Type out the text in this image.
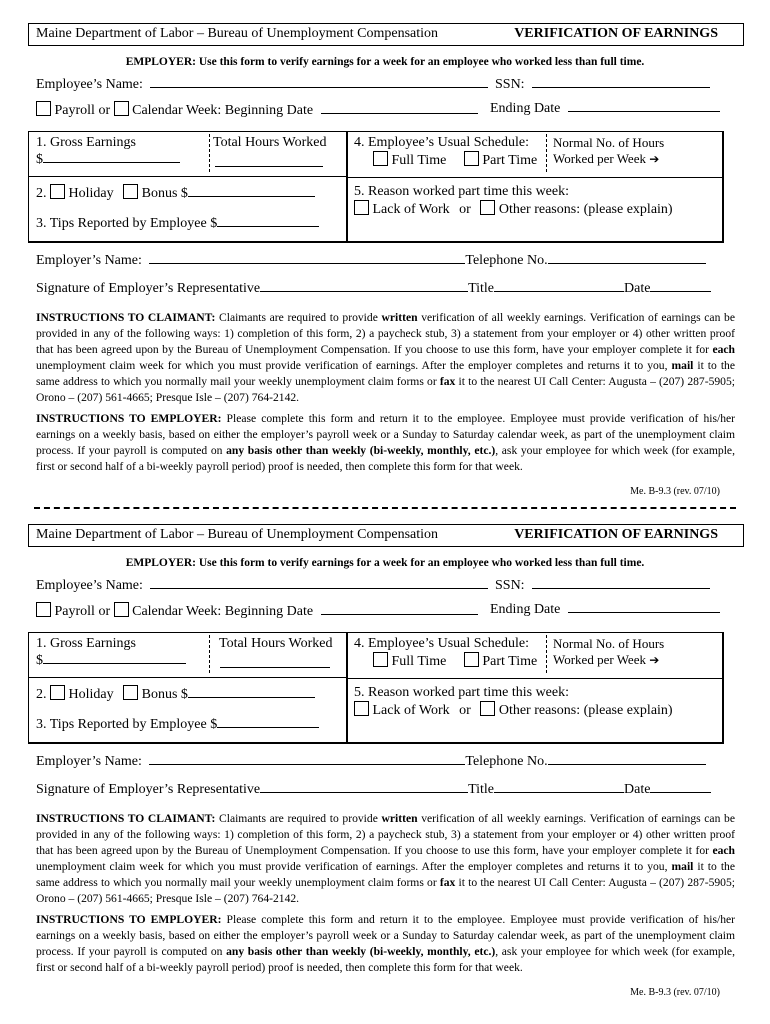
Maine Department of Labor – Bureau of Unemployment Compensation	VERIFICATION OF EARNINGS
EMPLOYER: Use this form to verify earnings for a week for an employee who worked less than full time.
Employee’s Name:	SSN:
Payroll or Calendar Week: Beginning Date	Ending Date
1. Gross Earnings
$
Total Hours Worked
2. Holiday Bonus $
3. Tips Reported by Employee $
4. Employee’s Usual Schedule:
Full Time	Part Time
Normal No. of Hours
Worked per Week ➔
5. Reason worked part time this week:
Lack of Work or Other reasons: (please explain)
Employer’s Name:	Telephone No.
Signature of Employer’s Representative	Title	Date
INSTRUCTIONS TO CLAIMANT: Claimants are required to provide written verification of all weekly earnings. Verification of earnings can be provided in any of the following ways: 1) completion of this form, 2) a paycheck stub, 3) a statement from your employer or 4) other written proof that has been agreed upon by the Bureau of Unemployment Compensation. If you choose to use this form, have your employer complete it for each unemployment claim week for which you must provide verification of earnings. After the employer completes and returns it to you, mail it to the same address to which you normally mail your weekly unemployment claim forms or fax it to the nearest UI Call Center: Augusta – (207) 287-5905; Orono – (207) 561-4665; Presque Isle – (207) 764-2142.
INSTRUCTIONS TO EMPLOYER: Please complete this form and return it to the employee. Employee must provide verification of his/her earnings on a weekly basis, based on either the employer’s payroll week or a Sunday to Saturday calendar week, as part of the unemployment claim process. If your payroll is computed on any basis other than weekly (bi-weekly, monthly, etc.), ask your employee for which week (for example, first or second half of a bi-weekly payroll period) proof is needed, then complete this form for that week.
Me. B-9.3 (rev. 07/10)
Maine Department of Labor – Bureau of Unemployment Compensation	VERIFICATION OF EARNINGS
EMPLOYER: Use this form to verify earnings for a week for an employee who worked less than full time.
Employee’s Name:	SSN:
Payroll or Calendar Week: Beginning Date	Ending Date
1. Gross Earnings
$
Total Hours Worked
2. Holiday Bonus $
3. Tips Reported by Employee $
4. Employee’s Usual Schedule:
Full Time	Part Time
Normal No. of Hours
Worked per Week ➔
5. Reason worked part time this week:
Lack of Work or Other reasons: (please explain)
Employer’s Name:	Telephone No.
Signature of Employer’s Representative	Title	Date
INSTRUCTIONS TO CLAIMANT: Claimants are required to provide written verification of all weekly earnings. Verification of earnings can be provided in any of the following ways: 1) completion of this form, 2) a paycheck stub, 3) a statement from your employer or 4) other written proof that has been agreed upon by the Bureau of Unemployment Compensation. If you choose to use this form, have your employer complete it for each unemployment claim week for which you must provide verification of earnings. After the employer completes and returns it to you, mail it to the same address to which you normally mail your weekly unemployment claim forms or fax it to the nearest UI Call Center: Augusta – (207) 287-5905; Orono – (207) 561-4665; Presque Isle – (207) 764-2142.
INSTRUCTIONS TO EMPLOYER: Please complete this form and return it to the employee. Employee must provide verification of his/her earnings on a weekly basis, based on either the employer’s payroll week or a Sunday to Saturday calendar week, as part of the unemployment claim process. If your payroll is computed on any basis other than weekly (bi-weekly, monthly, etc.), ask your employee for which week (for example, first or second half of a bi-weekly payroll period) proof is needed, then complete this form for that week.
Me. B-9.3 (rev. 07/10)
